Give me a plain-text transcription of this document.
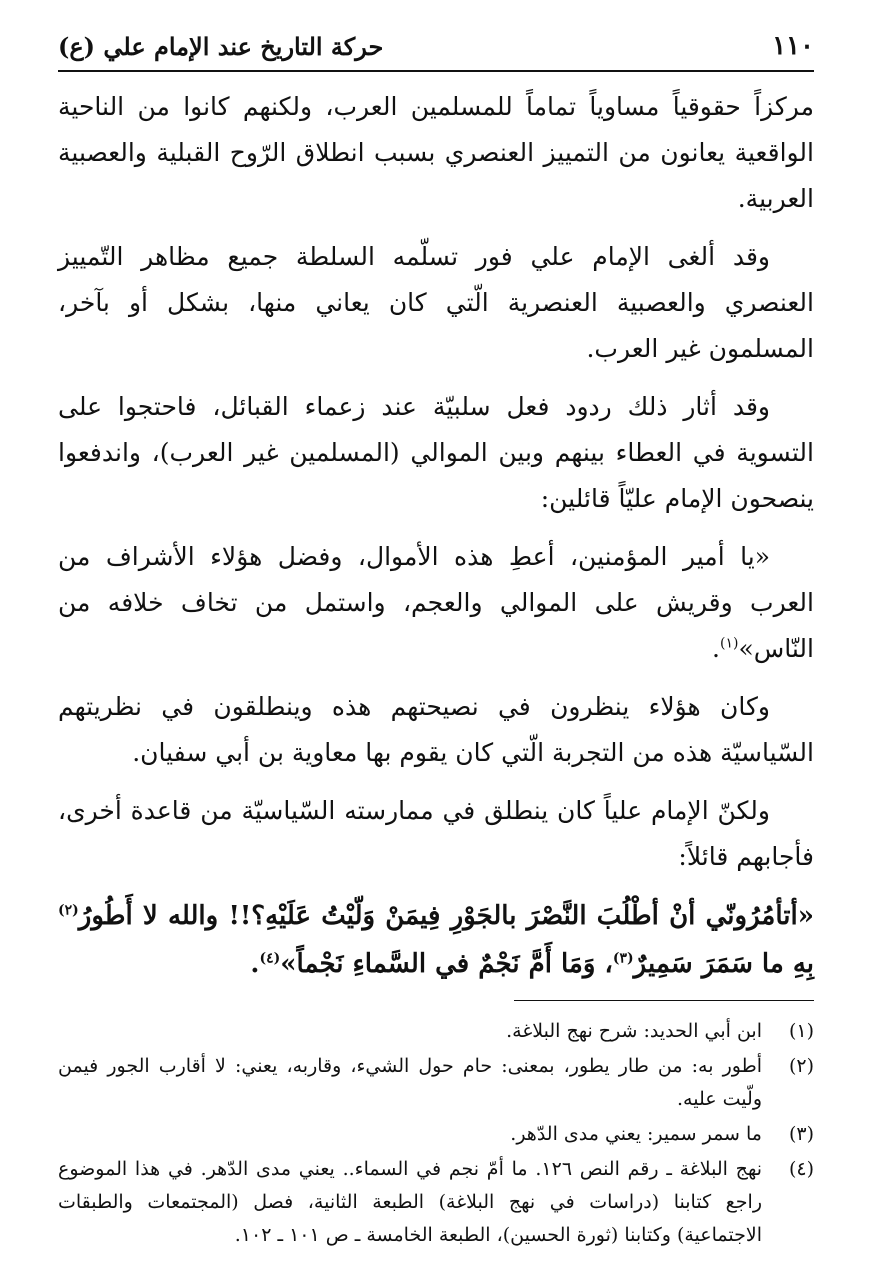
١١٠
حركة التاريخ عند الإمام علي (ع)

مركزاً حقوقياً مساوياً تماماً للمسلمين العرب، ولكنهم كانوا من الناحية الواقعية يعانون من التمييز العنصري بسبب انطلاق الرّوح القبلية والعصبية العربية.

وقد ألغى الإمام علي فور تسلّمه السلطة جميع مظاهر التّمييز العنصري والعصبية العنصرية الّتي كان يعاني منها، بشكل أو بآخر، المسلمون غير العرب.

وقد أثار ذلك ردود فعل سلبيّة عند زعماء القبائل، فاحتجوا على التسوية في العطاء بينهم وبين الموالي (المسلمين غير العرب)، واندفعوا ينصحون الإمام عليّاً قائلين:

«يا أمير المؤمنين، أعطِ هذه الأموال، وفضل هؤلاء الأشراف من العرب وقريش على الموالي والعجم، واستمل من تخاف خلافه من النّاس»$^{(١)}$.

وكان هؤلاء ينظرون في نصيحتهم هذه وينطلقون في نظريتهم السّياسيّة هذه من التجربة الّتي كان يقوم بها معاوية بن أبي سفيان.

ولكنّ الإمام علياً كان ينطلق في ممارسته السّياسيّة من قاعدة أخرى، فأجابهم قائلاً:

«أتأمُرُونّي أنْ أطْلُبَ النَّصْرَ بالجَوْرِ فِيمَنْ وَلّيْتُ عَلَيْهِ؟!! والله لا أَطُورُ$^{(٢)}$ بِهِ ما سَمَرَ سَمِيرٌ$^{(٣)}$، وَمَا أَمَّ نَجْمٌ في السَّماءِ نَجْماً»$^{(٤)}$.

(١)
ابن أبي الحديد: شرح نهج البلاغة.
(٢)
أطور به: من طار يطور، بمعنى: حام حول الشيء، وقاربه، يعني: لا أقارب الجور فيمن ولّيت عليه.
(٣)
ما سمر سمير: يعني مدى الدّهر.
(٤)
نهج البلاغة ـ رقم النص ١٢٦. ما أمّ نجم في السماء.. يعني مدى الدّهر. في هذا الموضوع راجع كتابنا (دراسات في نهج البلاغة) الطبعة الثانية، فصل (المجتمعات والطبقات الاجتماعية) وكتابنا (ثورة الحسين)، الطبعة الخامسة ـ ص ١٠١ ـ ١٠٢.
